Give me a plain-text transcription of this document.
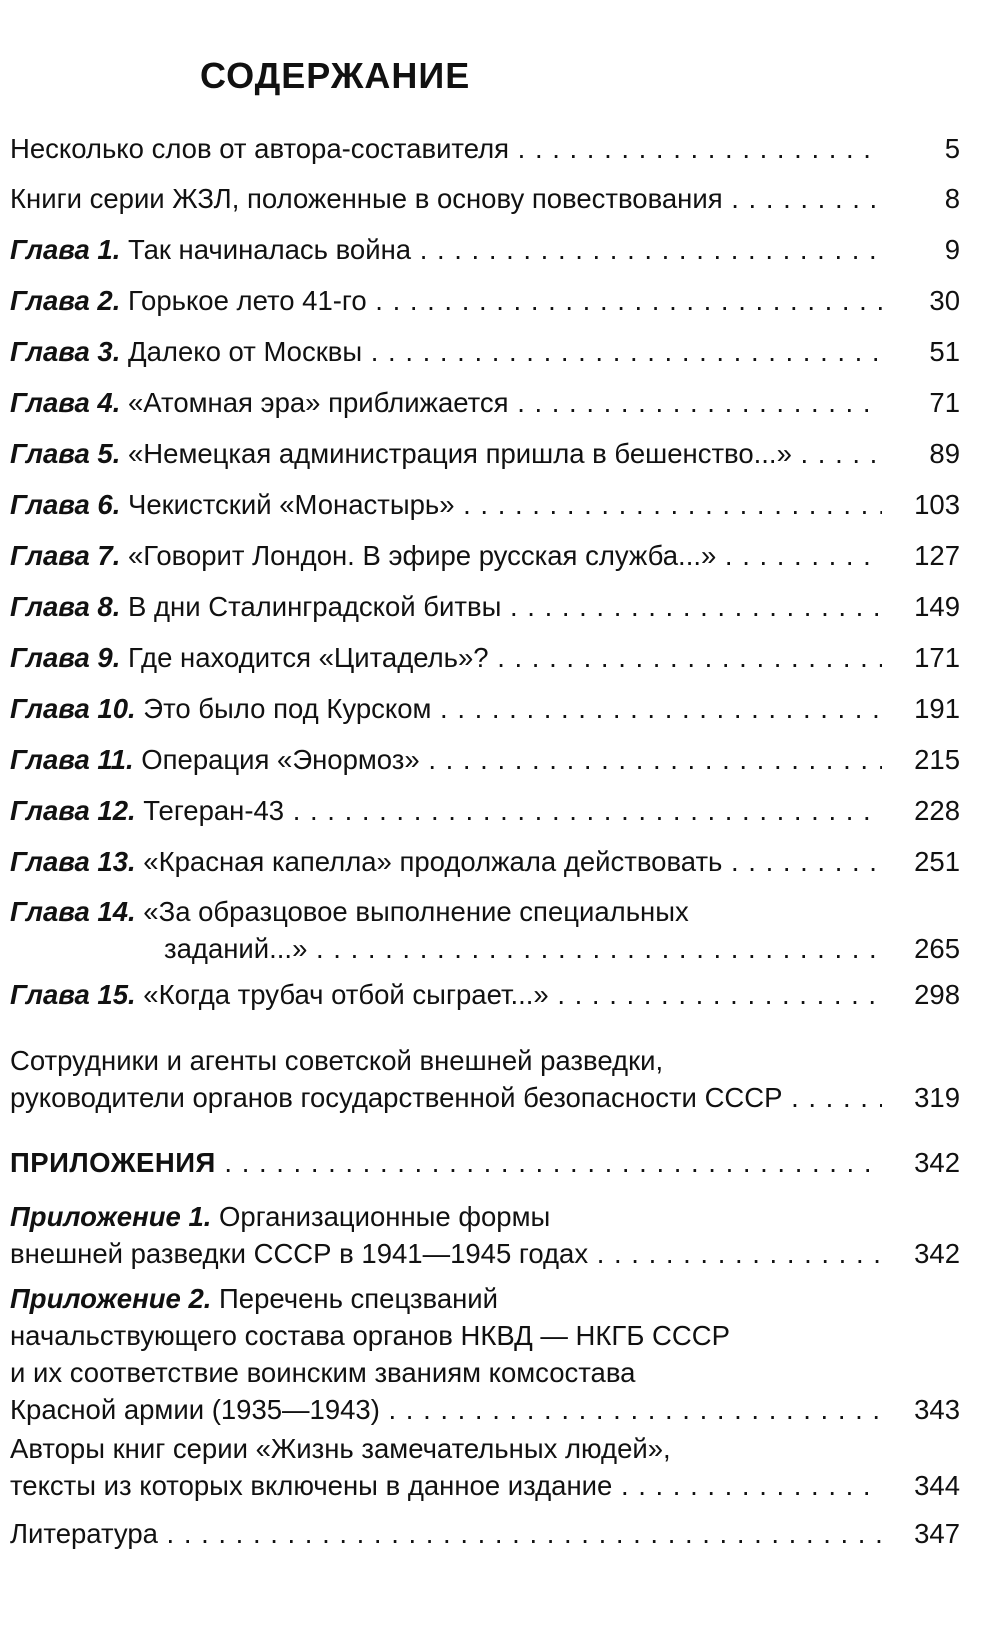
СОДЕРЖАНИЕ
Несколько слов от автора-составителя . . .	5
Книги серии ЖЗЛ, положенные в основу повествования . . .	8
Глава 1. Так начиналась война . . .	9
Глава 2. Горькое лето 41-го . . .	30
Глава 3. Далеко от Москвы . . .	51
Глава 4. «Атомная эра» приближается . . .	71
Глава 5. «Немецкая администрация пришла в бешенство...» . . .	89
Глава 6. Чекистский «Монастырь» . . .	103
Глава 7. «Говорит Лондон. В эфире русская служба...» . . .	127
Глава 8. В дни Сталинградской битвы . . .	149
Глава 9. Где находится «Цитадель»? . . .	171
Глава 10. Это было под Курском . . .	191
Глава 11. Операция «Энормоз» . . .	215
Глава 12. Тегеран-43 . . .	228
Глава 13. «Красная капелла» продолжала действовать . . .	251
Глава 14. «За образцовое выполнение специальных
заданий...» . . .	265
Глава 15. «Когда трубач отбой сыграет...» . . .	298
Сотрудники и агенты советской внешней разведки,
руководители органов государственной безопасности СССР . . .	319
ПРИЛОЖЕНИЯ . . .	342
Приложение 1. Организационные формы
внешней разведки СССР в 1941—1945 годах . . .	342
Приложение 2. Перечень спецзваний
начальствующего состава органов НКВД — НКГБ СССР
и их соответствие воинским званиям комсостава
Красной армии (1935—1943) . . .	343
Авторы книг серии «Жизнь замечательных людей»,
тексты из которых включены в данное издание . . .	344
Литература . . .	347
